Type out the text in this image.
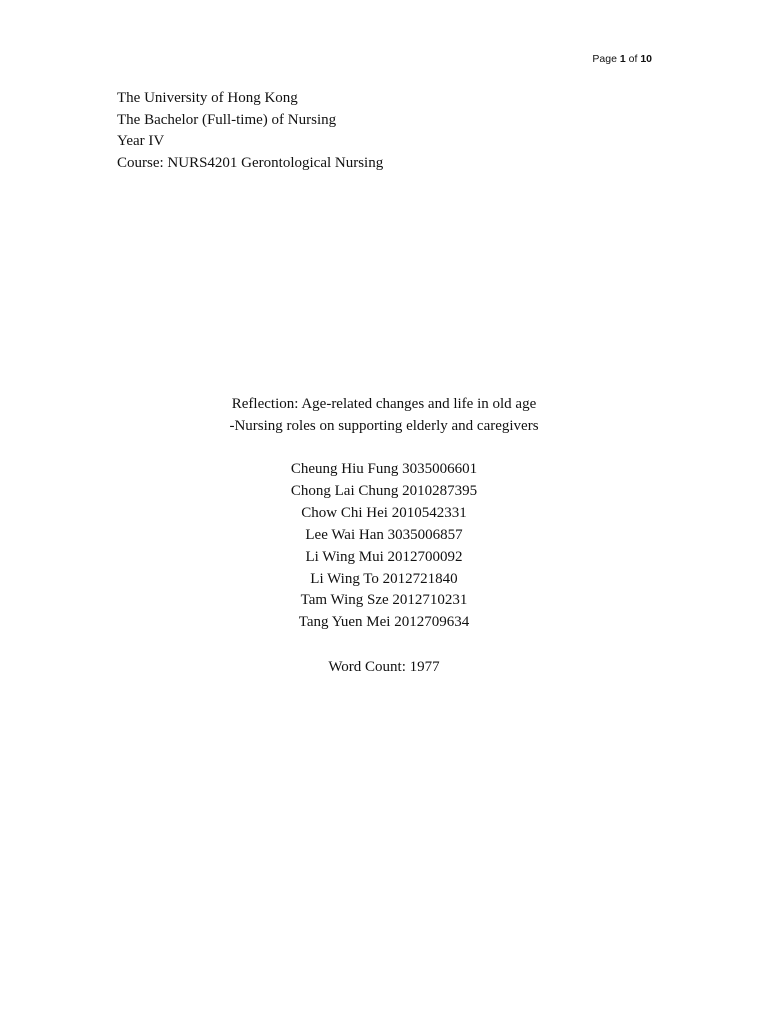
Page 1 of 10
The University of Hong Kong
The Bachelor (Full-time) of Nursing
Year IV
Course: NURS4201 Gerontological Nursing
Reflection: Age-related changes and life in old age
-Nursing roles on supporting elderly and caregivers
Cheung Hiu Fung 3035006601
Chong Lai Chung 2010287395
Chow Chi Hei 2010542331
Lee Wai Han 3035006857
Li Wing Mui 2012700092
Li Wing To 2012721840
Tam Wing Sze 2012710231
Tang Yuen Mei 2012709634
Word Count: 1977
